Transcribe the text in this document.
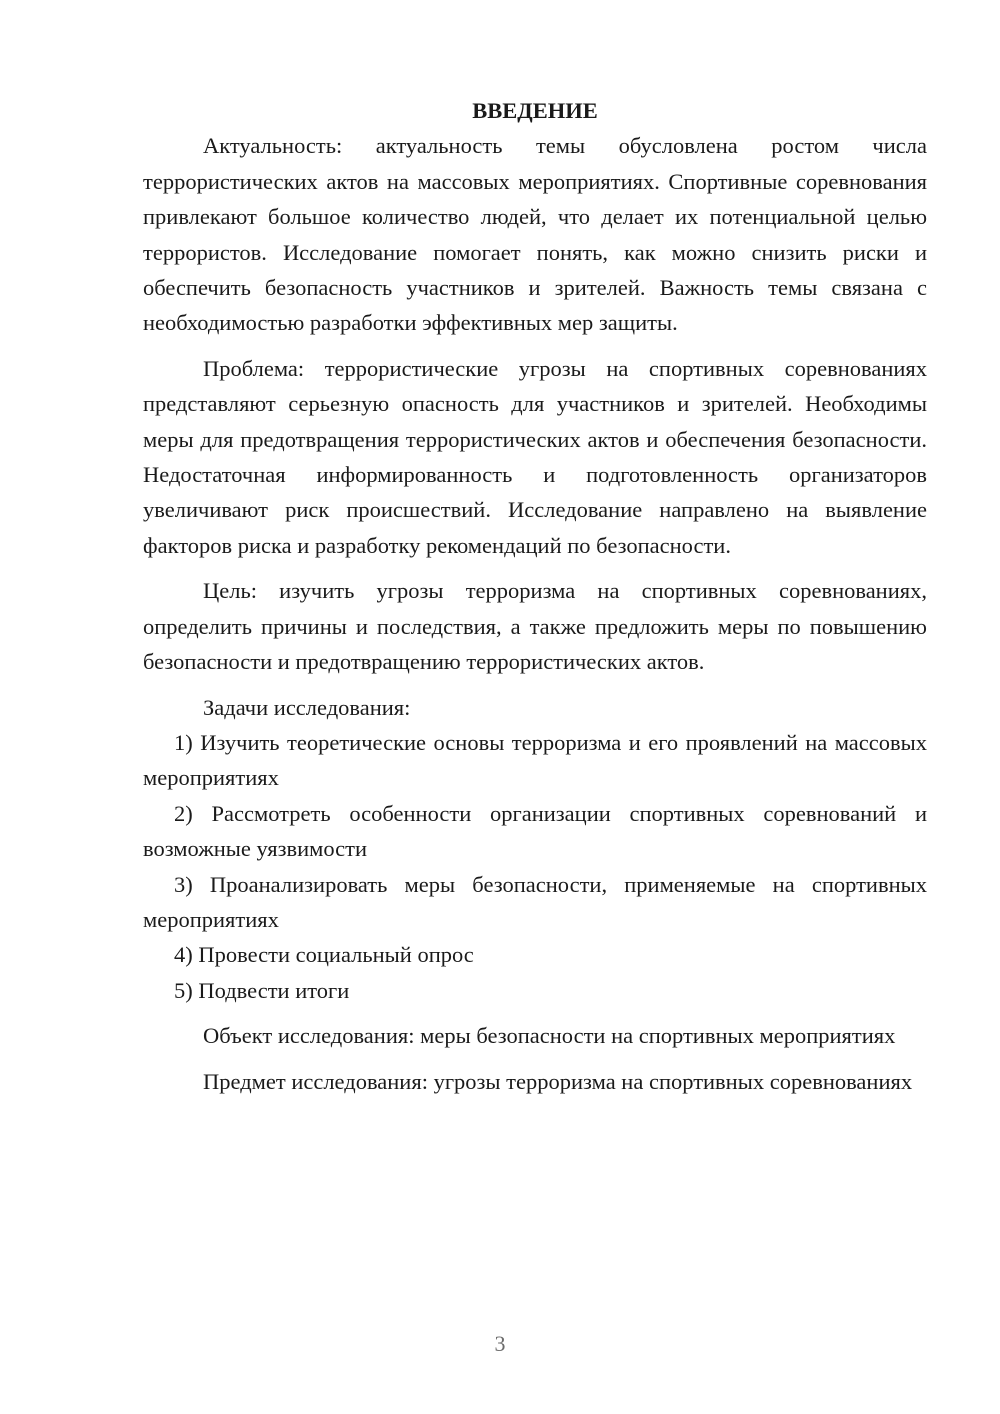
ВВЕДЕНИЕ

Актуальность: актуальность темы обусловлена ростом числа террористических актов на массовых мероприятиях. Спортивные соревнования привлекают большое количество людей, что делает их потенциальной целью террористов. Исследование помогает понять, как можно снизить риски и обеспечить безопасность участников и зрителей. Важность темы связана с необходимостью разработки эффективных мер защиты.

Проблема: террористические угрозы на спортивных соревнованиях представляют серьезную опасность для участников и зрителей. Необходимы меры для предотвращения террористических актов и обеспечения безопасности. Недостаточная информированность и подготовленность организаторов увеличивают риск происшествий. Исследование направлено на выявление факторов риска и разработку рекомендаций по безопасности.

Цель: изучить угрозы терроризма на спортивных соревнованиях, определить причины и последствия, а также предложить меры по повышению безопасности и предотвращению террористических актов.

Задачи исследования:

1) Изучить теоретические основы терроризма и его проявлений на массовых мероприятиях

2) Рассмотреть особенности организации спортивных соревнований и возможные уязвимости

3) Проанализировать меры безопасности, применяемые на спортивных мероприятиях

4) Провести социальный опрос

5) Подвести итоги

Объект исследования: меры безопасности на спортивных мероприятиях

Предмет исследования: угрозы терроризма на спортивных соревнованиях

3
